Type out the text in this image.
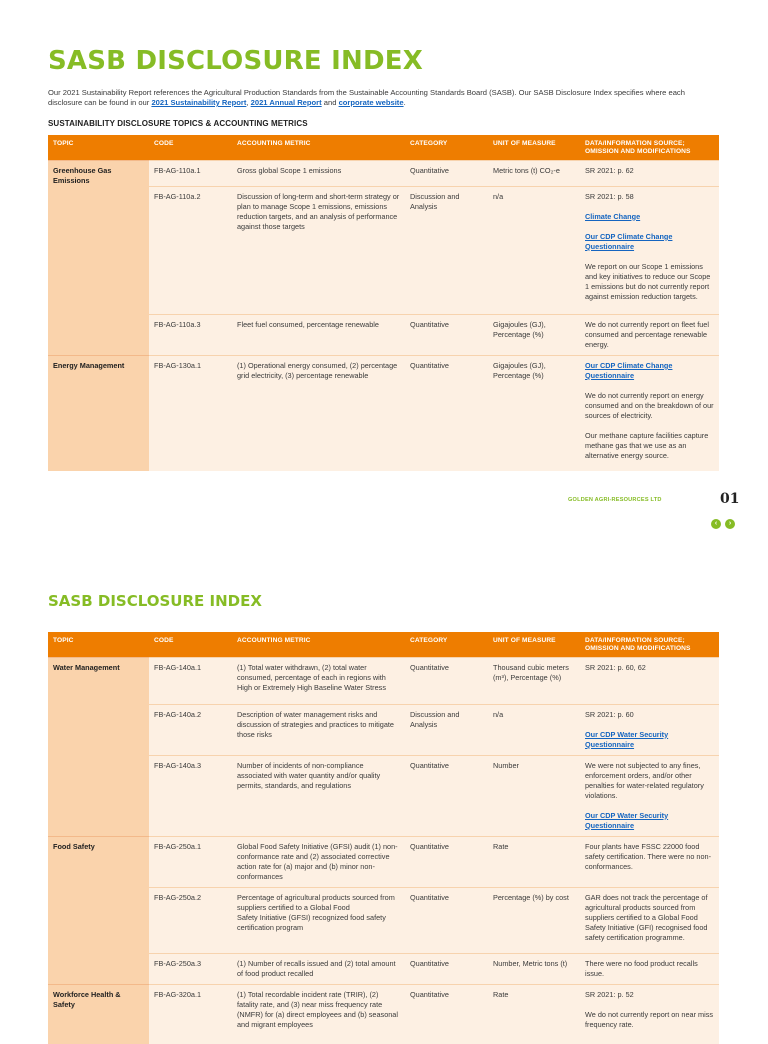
SASB DISCLOSURE INDEX

Our 2021 Sustainability Report references the Agricultural Production Standards from the Sustainable Accounting Standards Board (SASB). Our SASB Disclosure Index specifies where each disclosure can be found in our 2021 Sustainability Report, 2021 Annual Report and corporate website.

SUSTAINABILITY DISCLOSURE TOPICS & ACCOUNTING METRICS
TOPIC	CODE	ACCOUNTING METRIC	CATEGORY	UNIT OF MEASURE	DATA/INFORMATION SOURCE; OMISSION AND MODIFICATIONS
Greenhouse Gas Emissions	FB-AG-110a.1	Gross global Scope 1 emissions	Quantitative	Metric tons (t) CO₂-e	SR 2021: p. 62
	FB-AG-110a.2	Discussion of long-term and short-term strategy or plan to manage Scope 1 emissions, emissions reduction targets, and an analysis of performance against those targets	Discussion and Analysis	n/a	SR 2021: p. 58

Climate Change

Our CDP Climate Change Questionnaire

We report on our Scope 1 emissions and key initiatives to reduce our Scope 1 emissions but do not currently report against emission reduction targets.

	FB-AG-110a.3	Fleet fuel consumed, percentage renewable	Quantitative	Gigajoules (GJ), Percentage (%)	We do not currently report on fleet fuel consumed and percentage renewable energy.
Energy Management	FB-AG-130a.1	(1) Operational energy consumed, (2) percentage grid electricity, (3) percentage renewable	Quantitative	Gigajoules (GJ), Percentage (%)	Our CDP Climate Change Questionnaire

We do not currently report on energy consumed and on the breakdown of our sources of electricity.

Our methane capture facilities capture methane gas that we use as an alternative energy source.

GOLDEN AGRI-RESOURCES LTD	01
‹	›
SASB DISCLOSURE INDEX
TOPIC	CODE	ACCOUNTING METRIC	CATEGORY	UNIT OF MEASURE	DATA/INFORMATION SOURCE; OMISSION AND MODIFICATIONS
Water Management	FB-AG-140a.1	(1) Total water withdrawn, (2) total water consumed, percentage of each in regions with High or Extremely High Baseline Water Stress	Quantitative	Thousand cubic meters (m³), Percentage (%)	SR 2021: p. 60, 62
	FB-AG-140a.2	Description of water management risks and discussion of strategies and practices to mitigate those risks	Discussion and Analysis	n/a	SR 2021: p. 60

Our CDP Water Security Questionnaire

	FB-AG-140a.3	Number of incidents of non-compliance associated with water quantity and/or quality permits, standards, and regulations	Quantitative	Number	We were not subjected to any fines, enforcement orders, and/or other penalties for water-related regulatory violations.

Our CDP Water Security Questionnaire

Food Safety	FB-AG-250a.1	Global Food Safety Initiative (GFSI) audit (1) non-conformance rate and (2) associated corrective action rate for (a) major and (b) minor non-conformances	Quantitative	Rate	Four plants have FSSC 22000 food safety certification. There were no non-conformances.
	FB-AG-250a.2	Percentage of agricultural products sourced from suppliers certified to a Global Food
Safety Initiative (GFSI) recognized food safety
certification program	Quantitative	Percentage (%) by cost	GAR does not track the percentage of agricultural products sourced from suppliers certified to a Global Food Safety Initiative (GFI) recognised food safety certification programme.
	FB-AG-250a.3	(1) Number of recalls issued and (2) total amount of food product recalled	Quantitative	Number, Metric tons (t)	There were no food product recalls issue.
Workforce Health & Safety	FB-AG-320a.1	(1) Total recordable incident rate (TRIR), (2) fatality rate, and (3) near miss frequency rate (NMFR) for (a) direct employees and (b) seasonal and migrant employees	Quantitative	Rate	SR 2021: p. 52

We do not currently report on near miss frequency rate.
